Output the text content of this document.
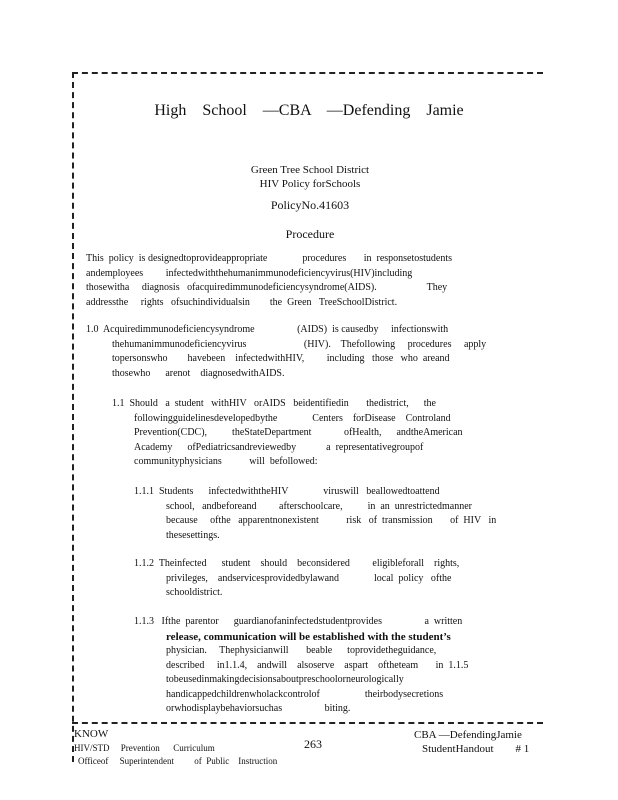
High School —CBA —Defending Jamie
Green Tree School District
HIV Policy forSchools
PolicyNo.41603
Procedure
This  policy  is designedtoprovideappropriate              procedures       in  responsetostudents
andemployees         infectedwiththehumanimmunodeficiencyvirus(HIV)including
thosewitha     diagnosis   ofacquiredimmunodeficiencysyndrome(AIDS).                    They
addressthe     rights   ofsuchindividualsin        the  Green   TreeSchoolDistrict.
1.0  Acquiredimmunodeficiencysyndrome                 (AIDS)  is causedby     infectionswith
thehumanimmunodeficiencyvirus                       (HIV).    Thefollowing     procedures     apply
topersonswho        havebeen    infectedwithHIV,         including   those   who  areand
thosewho      arenot    diagnosedwithAIDS.
1.1  Should   a  student   withHIV   orAIDS   beidentifiedin       thedistrict,      the
followingguidelinesdevelopedbythe              Centers    forDisease    Controland
Prevention(CDC),          theStateDepartment             ofHealth,      andtheAmerican
Academy      ofPediatricsandreviewedby            a  representativegroupof
communityphysicians           will  befollowed:
1.1.1  Students      infectedwiththeHIV              viruswill   beallowedtoattend
school,   andbeforeand         afterschoolcare,          in  an  unrestrictedmanner
because     ofthe   apparentnonexistent           risk   of  transmission       of  HIV   in
thesesettings.
1.1.2  Theinfected      student    should    beconsidered         eligibleforall    rights,
privileges,    andservicesprovidedbylawand              local  policy   ofthe
schooldistrict.
1.1.3   Ifthe  parentor      guardianofaninfectedstudentprovides                 a  written
release, communication will be established with the student’s
physician.     Thephysicianwill       beable      toprovidetheguidance,
described     in1.1.4,    andwill    alsoserve    aspart    oftheteam       in  1.1.5
tobeusedinmakingdecisionsaboutpreschoolorneurologically
handicappedchildrenwholackcontrolof                  theirbodysecretions
orwhodisplaybehaviorsuchas                 biting.
KNOW
HIV/STD     Prevention      Curriculum
Officeof     Superintendent         of  Public    Instruction
263
CBA —DefendingJamie
StudentHandout        # 1
